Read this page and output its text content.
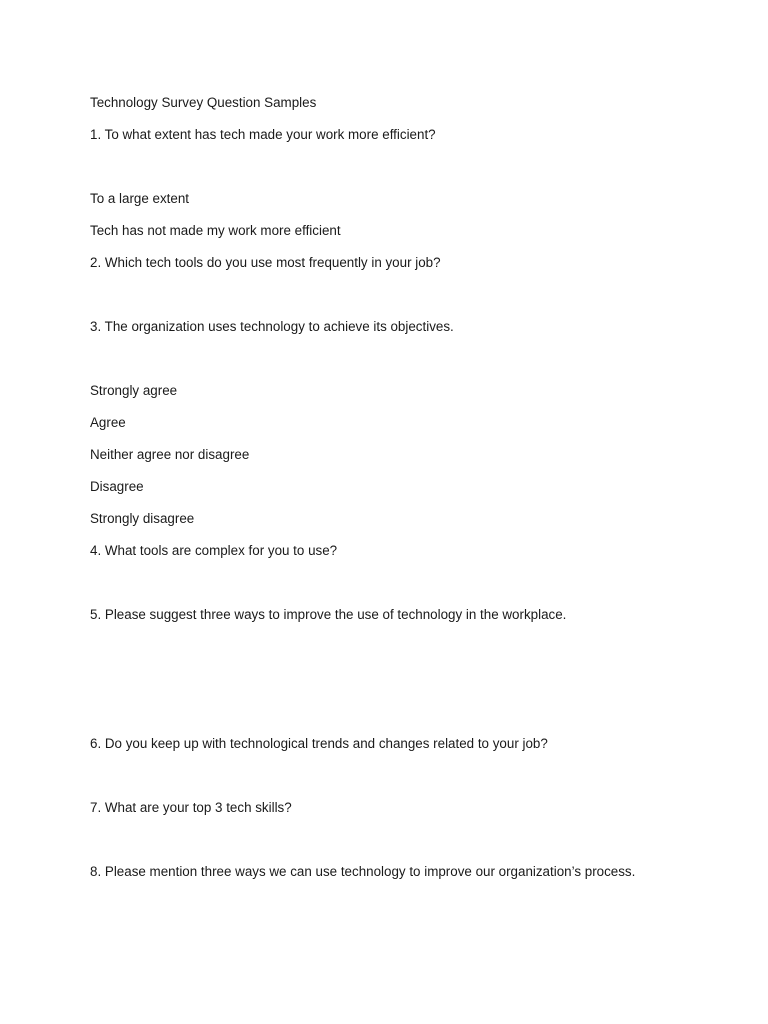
Technology Survey Question Samples
1. To what extent has tech made your work more efficient?
To a large extent
Tech has not made my work more efficient
2. Which tech tools do you use most frequently in your job?
3. The organization uses technology to achieve its objectives.
Strongly agree
Agree
Neither agree nor disagree
Disagree
Strongly disagree
4. What tools are complex for you to use?
5. Please suggest three ways to improve the use of technology in the workplace.
6. Do you keep up with technological trends and changes related to your job?
7. What are your top 3 tech skills?
8. Please mention three ways we can use technology to improve our organization’s process.
